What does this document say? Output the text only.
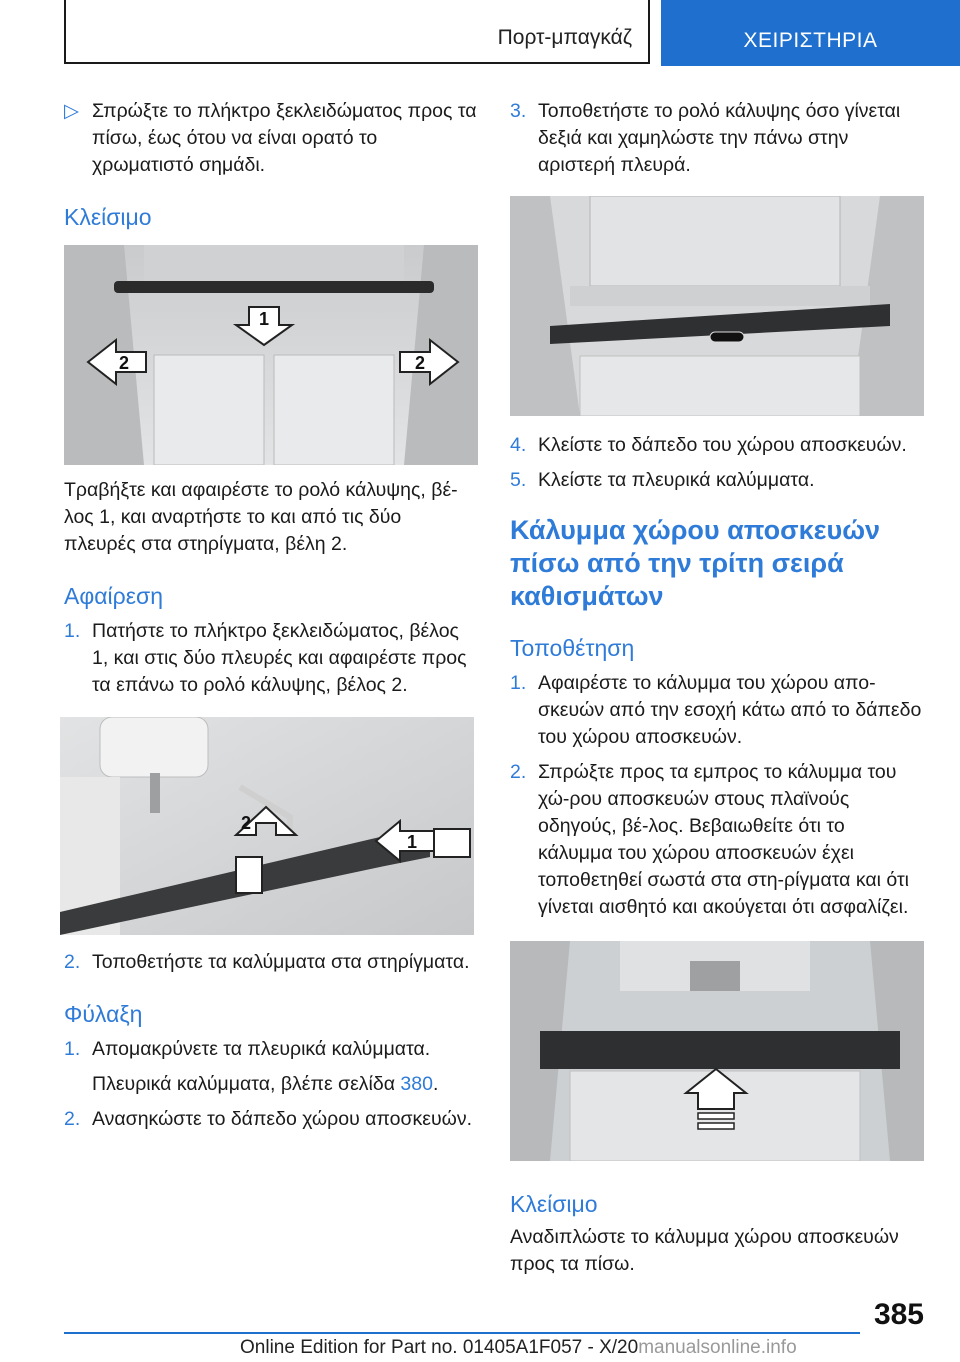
Πορτ-μπαγκάζ	ΧΕΙΡΙΣΤΗΡΙΑ
▷ Σπρώξτε το πλήκτρο ξεκλειδώματος προς τα πίσω, έως ότου να είναι ορατό το χρωματιστό σημάδι.
Κλείσιμο
1
2	2
Τραβήξτε και αφαιρέστε το ρολό κάλυψης, βέ-λος 1, και αναρτήστε το και από τις δύο πλευρές στα στηρίγματα, βέλη 2.
Αφαίρεση
1. Πατήστε το πλήκτρο ξεκλειδώματος, βέλος 1, και στις δύο πλευρές και αφαιρέστε προς τα επάνω το ρολό κάλυψης, βέλος 2.
2
1
2. Τοποθετήστε τα καλύμματα στα στηρίγματα.
Φύλαξη
1. Απομακρύνετε τα πλευρικά καλύμματα.
Πλευρικά καλύμματα, βλέπε σελίδα 380.
2. Ανασηκώστε το δάπεδο χώρου αποσκευών.
3. Τοποθετήστε το ρολό κάλυψης όσο γίνεται δεξιά και χαμηλώστε την πάνω στην αριστερή πλευρά.
4. Κλείστε το δάπεδο του χώρου αποσκευών.
5. Κλείστε τα πλευρικά καλύμματα.
Κάλυμμα χώρου αποσκευών πίσω από την τρίτη σειρά καθισμάτων
Τοποθέτηση
1. Αφαιρέστε το κάλυμμα του χώρου απο-σκευών από την εσοχή κάτω από το δάπεδο του χώρου αποσκευών.
2. Σπρώξτε προς τα εμπρος το κάλυμμα του χώ-ρου αποσκευών στους πλαϊνούς οδηγούς, βέ-λος. Βεβαιωθείτε ότι το κάλυμμα του χώρου αποσκευών έχει τοποθετηθεί σωστά στα στη-ρίγματα και ότι γίνεται αισθητό και ακούγεται ότι ασφαλίζει.
Κλείσιμο
Αναδιπλώστε το κάλυμμα χώρου αποσκευών προς τα πίσω.
385
Online Edition for Part no. 01405A1F057 - X/20manualsonline.info
